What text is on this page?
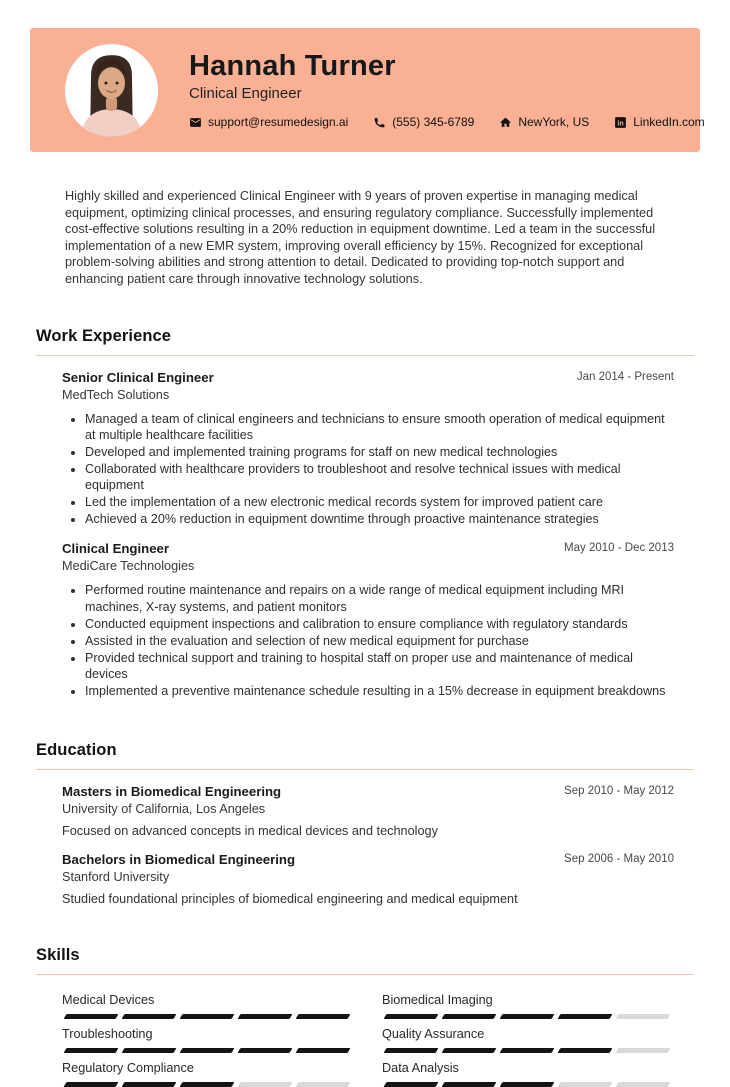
Hannah Turner
Clinical Engineer
support@resumedesign.ai	(555) 345-6789	NewYork, US in LinkedIn.com

Highly skilled and experienced Clinical Engineer with 9 years of proven expertise in managing medical equipment, optimizing clinical processes, and ensuring regulatory compliance. Successfully implemented cost-effective solutions resulting in a 20% reduction in equipment downtime. Led a team in the successful implementation of a new EMR system, improving overall efficiency by 15%. Recognized for exceptional problem-solving abilities and strong attention to detail. Dedicated to providing top-notch support and enhancing patient care through innovative technology solutions.

Work Experience
Senior Clinical Engineer	Jan 2014 - Present
MedTech Solutions
• Managed a team of clinical engineers and technicians to ensure smooth operation of medical equipment at multiple healthcare facilities
• Developed and implemented training programs for staff on new medical technologies
• Collaborated with healthcare providers to troubleshoot and resolve technical issues with medical equipment
• Led the implementation of a new electronic medical records system for improved patient care
• Achieved a 20% reduction in equipment downtime through proactive maintenance strategies
Clinical Engineer	May 2010 - Dec 2013
MediCare Technologies
• Performed routine maintenance and repairs on a wide range of medical equipment including MRI machines, X-ray systems, and patient monitors
• Conducted equipment inspections and calibration to ensure compliance with regulatory standards
• Assisted in the evaluation and selection of new medical equipment for purchase
• Provided technical support and training to hospital staff on proper use and maintenance of medical devices
• Implemented a preventive maintenance schedule resulting in a 15% decrease in equipment breakdowns
Education
Masters in Biomedical Engineering	Sep 2010 - May 2012
University of California, Los Angeles
Focused on advanced concepts in medical devices and technology
Bachelors in Biomedical Engineering	Sep 2006 - May 2010
Stanford University
Studied foundational principles of biomedical engineering and medical equipment
Skills
Medical Devices	Biomedical Imaging
Troubleshooting	Quality Assurance
Regulatory Compliance	Data Analysis
